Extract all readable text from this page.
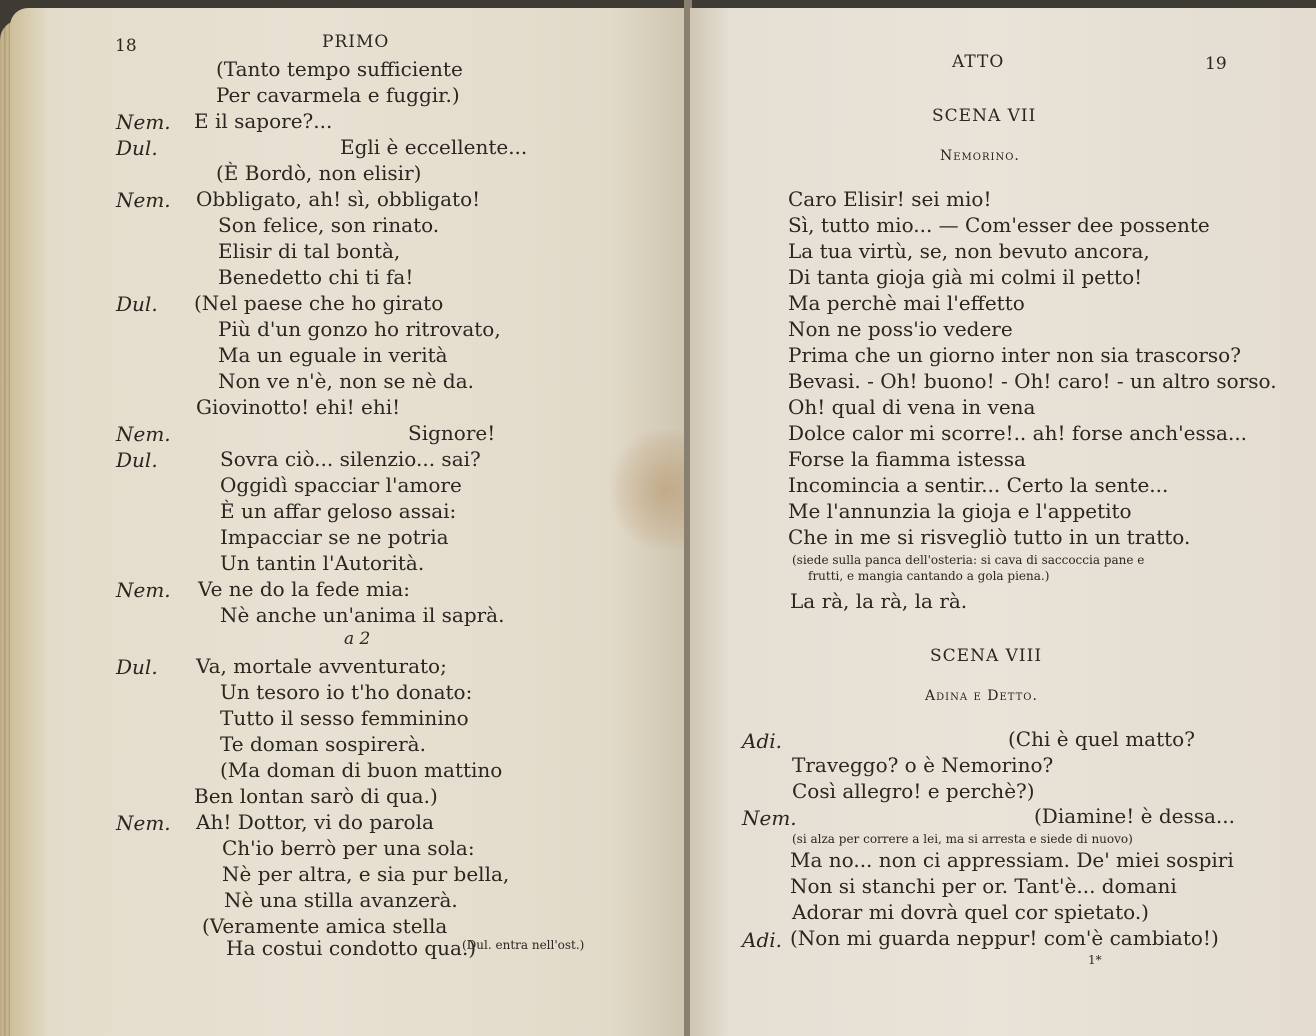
18	PRIMO
(Tanto tempo sufficiente
Per cavarmela e fuggir.)
Nem. E il sapore?...
Dul.	Egli è eccellente...
(È Bordò, non elisir)
Nem. Obbligato, ah! sì, obbligato!
Son felice, son rinato.
Elisir di tal bontà,
Benedetto chi ti fa!
Dul. (Nel paese che ho girato
Più d'un gonzo ho ritrovato,
Ma un eguale in verità
Non ve n'è, non se nè da.
Giovinotto! ehi! ehi!
Nem.	Signore!
Dul.	Sovra ciò... silenzio... sai?
Oggidì spacciar l'amore
È un affar geloso assai:
Impacciar se ne potria
Un tantin l'Autorità.
Nem. Ve ne do la fede mia:
Nè anche un'anima il saprà.
a 2
Dul. Va, mortale avventurato;
Un tesoro io t'ho donato:
Tutto il sesso femminino
Te doman sospirerà.
(Ma doman di buon mattino
Ben lontan sarò di qua.)
Nem. Ah! Dottor, vi do parola
Ch'io berrò per una sola:
Nè per altra, e sia pur bella,
Nè una stilla avanzerà.
(Veramente amica stella
Ha costui condotto qua.)
(Dul. entra nell'ost.)
ATTO	19
SCENA VII
Nemorino.
Caro Elisir! sei mio!
Sì, tutto mio... — Com'esser dee possente
La tua virtù, se, non bevuto ancora,
Di tanta gioja già mi colmi il petto!
Ma perchè mai l'effetto
Non ne poss'io vedere
Prima che un giorno inter non sia trascorso?
Bevasi. - Oh! buono! - Oh! caro! - un altro sorso.
Oh! qual di vena in vena
Dolce calor mi scorre!.. ah! forse anch'essa...
Forse la fiamma istessa
Incomincia a sentir... Certo la sente...
Me l'annunzia la gioja e l'appetito
Che in me si risvegliò tutto in un tratto.
(siede sulla panca dell'osteria: si cava di saccoccia pane e
frutti, e mangia cantando a gola piena.)
La rà, la rà, la rà.
SCENA VIII
Adina e Detto.
Adi.	(Chi è quel matto?
Traveggo? o è Nemorino?
Così allegro! e perchè?)
Nem.	(Diamine! è dessa...
(si alza per correre a lei, ma si arresta e siede di nuovo)
Ma no... non ci appressiam. De' miei sospiri
Non si stanchi per or. Tant'è... domani
Adorar mi dovrà quel cor spietato.)
Adi. (Non mi guarda neppur! com'è cambiato!)
1*
